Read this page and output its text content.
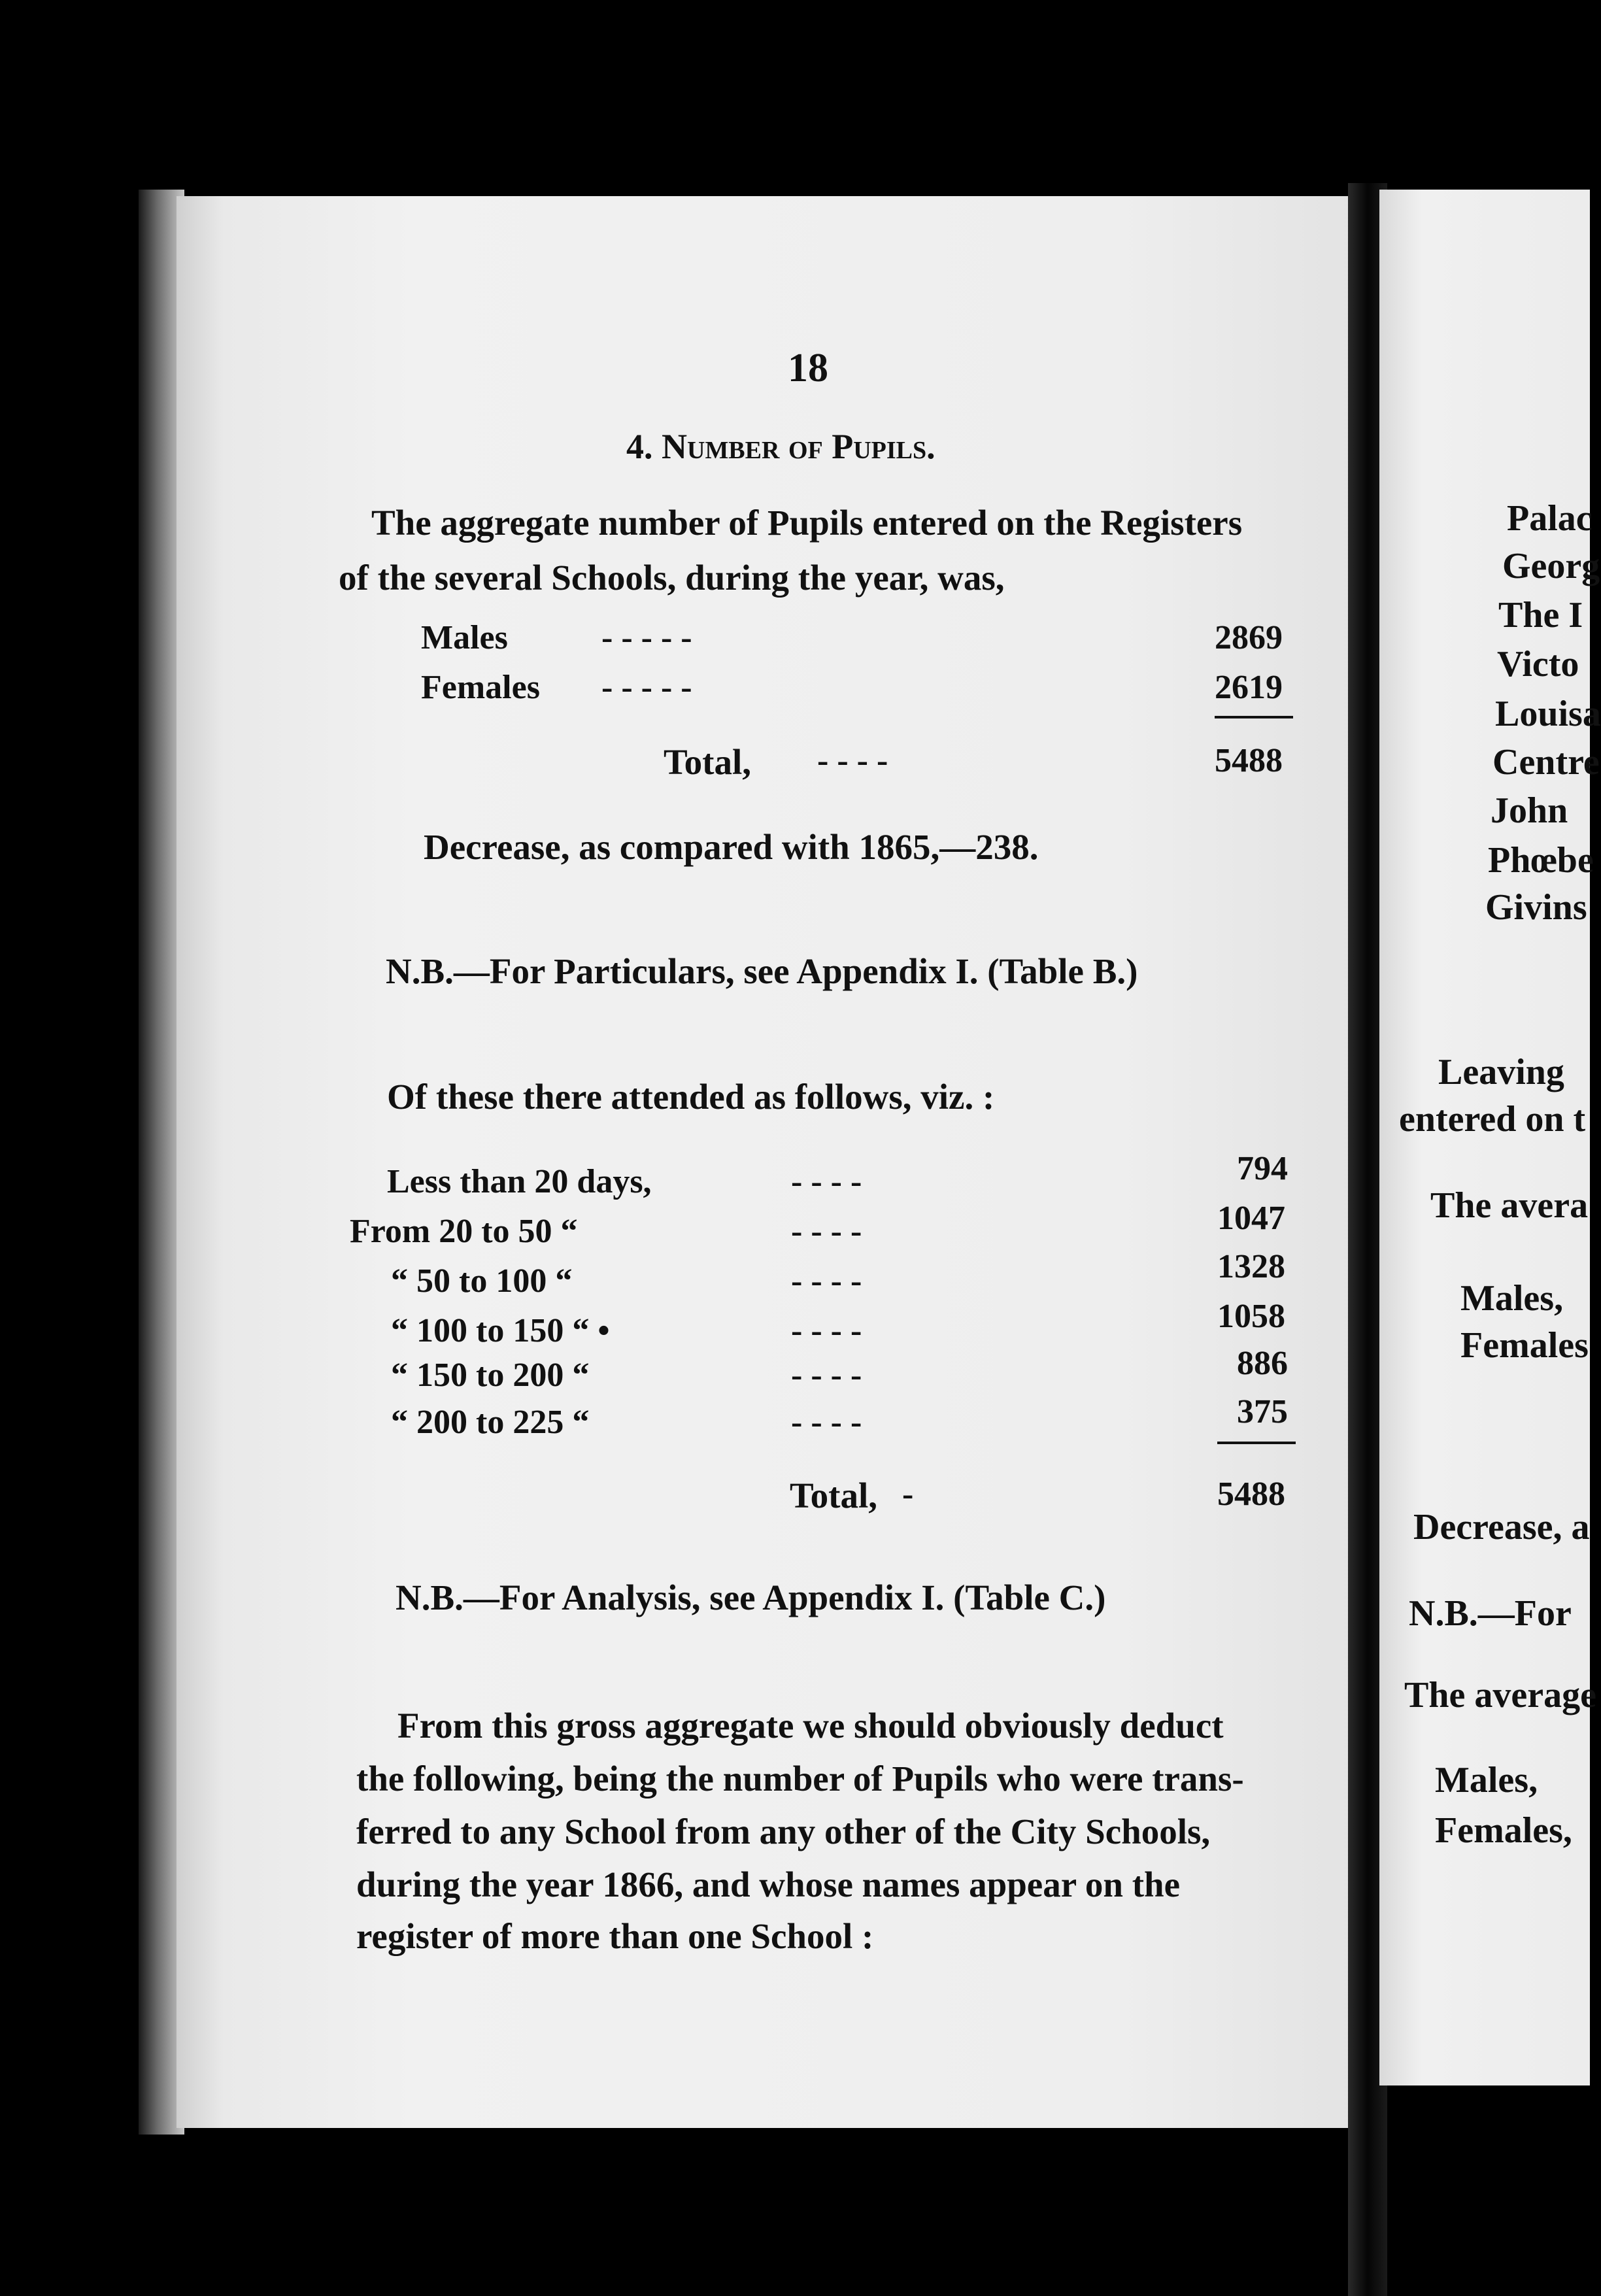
18
4. Number of Pupils.
The aggregate number of Pupils entered on the Registers
of the several Schools, during the year, was,
Males	- - - - -	2869
Females - - - - -	2619
Total, - - - -	5488
Decrease, as compared with 1865,—238.
N.B.—For Particulars, see Appendix I. (Table B.)
Of these there attended as follows, viz. :
Less than 20 days,	- - - -	794
From 20 to 50 “	- - - -	1047
“ 50 to 100 “	- - - -	1328
“ 100 to 150 “ •	- - - -	1058
“ 150 to 200 “	- - - -	886
“ 200 to 225 “	- - - -	375
Total, -	5488
N.B.—For Analysis, see Appendix I. (Table C.)
From this gross aggregate we should obviously deduct
the following, being the number of Pupils who were trans-
ferred to any School from any other of the City Schools,
during the year 1866, and whose names appear on the
register of more than one School :
Palac
Georg
The I
Victo
Louisa
Centre
John
Phœbe
Givins
Leaving
entered on t
The avera
Males,
Females
Decrease, a
N.B.—For
The average
Males,
Females,
